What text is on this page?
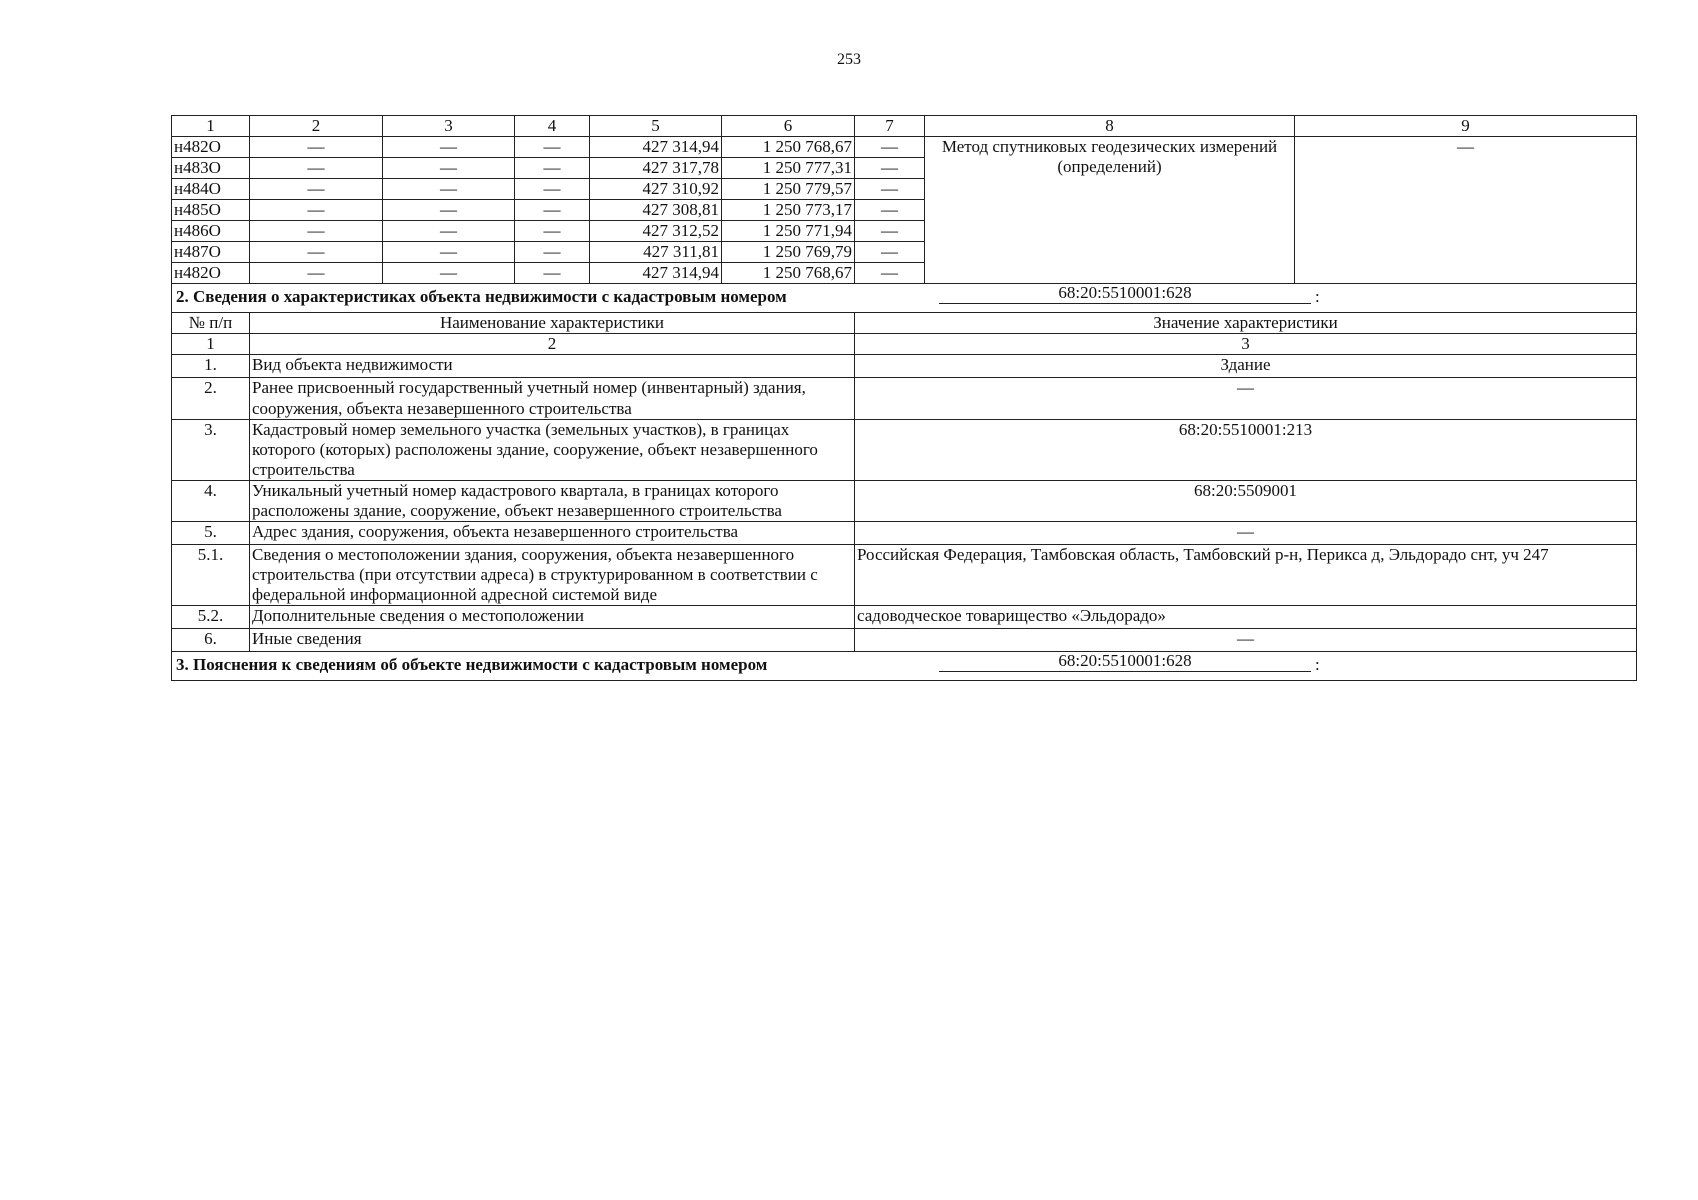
253
1	2	3	4	5	6	7	8	9
н482О	—	—	—	427 314,94	1 250 768,67	—	Метод спутниковых геодезических измерений (определений)	—
н483О	—	—	—	427 317,78	1 250 777,31	—		
н484О	—	—	—	427 310,92	1 250 779,57	—		
н485О	—	—	—	427 308,81	1 250 773,17	—		
н486О	—	—	—	427 312,52	1 250 771,94	—		
н487О	—	—	—	427 311,81	1 250 769,79	—		
н482О	—	—	—	427 314,94	1 250 768,67	—		

2. Сведения о характеристиках объекта недвижимости с кадастровым номером 68:20:5510001:628 :								

№ п/п	Наименование характеристики					Значение характеристики		
1	2					3		
1.	Вид объекта недвижимости					Здание		
2.	Ранее присвоенный государственный учетный номер (инвентарный) здания, сооружения, объекта незавершенного строительства					—		
3.	Кадастровый номер земельного участка (земельных участков), в границах которого (которых) расположены здание, сооружение, объект незавершенного строительства					68:20:5510001:213		
4.	Уникальный учетный номер кадастрового квартала, в границах которого расположены здание, сооружение, объект незавершенного строительства					68:20:5509001		
5.	Адрес здания, сооружения, объекта незавершенного строительства					—		
5.1.	Сведения о местоположении здания, сооружения, объекта незавершенного строительства (при отсутствии адреса) в структурированном в соответствии с федеральной информационной адресной системой виде					Российская Федерация, Тамбовская область, Тамбовский р-н, Перикса д, Эльдорадо снт, уч 247		
5.2.	Дополнительные сведения о местоположении					садоводческое товарищество «Эльдорадо»		
6.	Иные сведения					—		

3. Пояснения к сведениям об объекте недвижимости с кадастровым номером 68:20:5510001:628 :								
